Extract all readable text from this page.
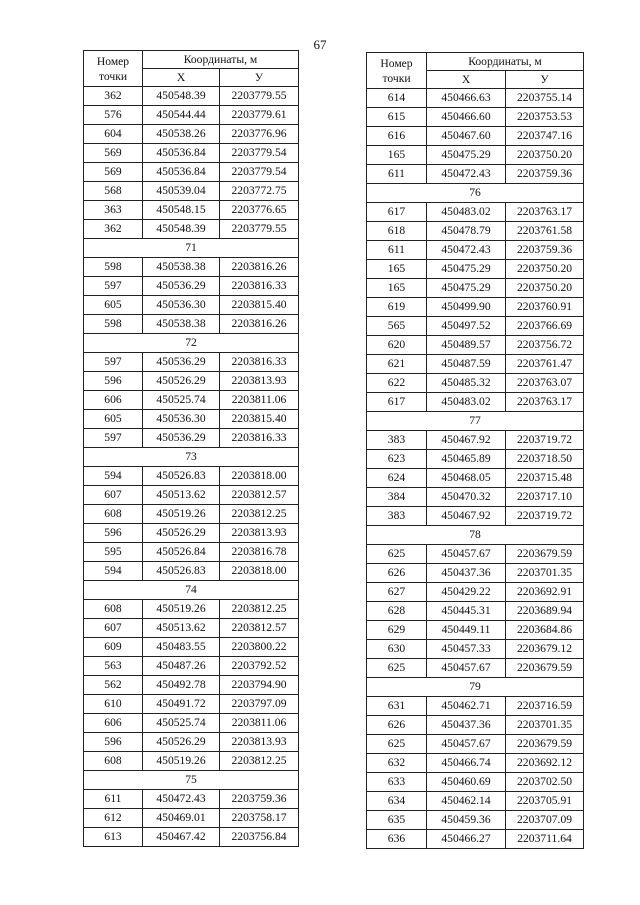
67
Номер точки	Координаты, м	
	Х	У
362	450548.39	2203779.55
576	450544.44	2203779.61
604	450538.26	2203776.96
569	450536.84	2203779.54
569	450536.84	2203779.54
568	450539.04	2203772.75
363	450548.15	2203776.65
362	450548.39	2203779.55
71		
598	450538.38	2203816.26
597	450536.29	2203816.33
605	450536.30	2203815.40
598	450538.38	2203816.26
72		
597	450536.29	2203816.33
596	450526.29	2203813.93
606	450525.74	2203811.06
605	450536.30	2203815.40
597	450536.29	2203816.33
73		
594	450526.83	2203818.00
607	450513.62	2203812.57
608	450519.26	2203812.25
596	450526.29	2203813.93
595	450526.84	2203816.78
594	450526.83	2203818.00
74		
608	450519.26	2203812.25
607	450513.62	2203812.57
609	450483.55	2203800.22
563	450487.26	2203792.52
562	450492.78	2203794.90
610	450491.72	2203797.09
606	450525.74	2203811.06
596	450526.29	2203813.93
608	450519.26	2203812.25
75		
611	450472.43	2203759.36
612	450469.01	2203758.17
613	450467.42	2203756.84
Номер точки	Координаты, м	
	Х	У
614	450466.63	2203755.14
615	450466.60	2203753.53
616	450467.60	2203747.16
165	450475.29	2203750.20
611	450472.43	2203759.36
76		
617	450483.02	2203763.17
618	450478.79	2203761.58
611	450472.43	2203759.36
165	450475.29	2203750.20
165	450475.29	2203750.20
619	450499.90	2203760.91
565	450497.52	2203766.69
620	450489.57	2203756.72
621	450487.59	2203761.47
622	450485.32	2203763.07
617	450483.02	2203763.17
77		
383	450467.92	2203719.72
623	450465.89	2203718.50
624	450468.05	2203715.48
384	450470.32	2203717.10
383	450467.92	2203719.72
78		
625	450457.67	2203679.59
626	450437.36	2203701.35
627	450429.22	2203692.91
628	450445.31	2203689.94
629	450449.11	2203684.86
630	450457.33	2203679.12
625	450457.67	2203679.59
79		
631	450462.71	2203716.59
626	450437.36	2203701.35
625	450457.67	2203679.59
632	450466.74	2203692.12
633	450460.69	2203702.50
634	450462.14	2203705.91
635	450459.36	2203707.09
636	450466.27	2203711.64
